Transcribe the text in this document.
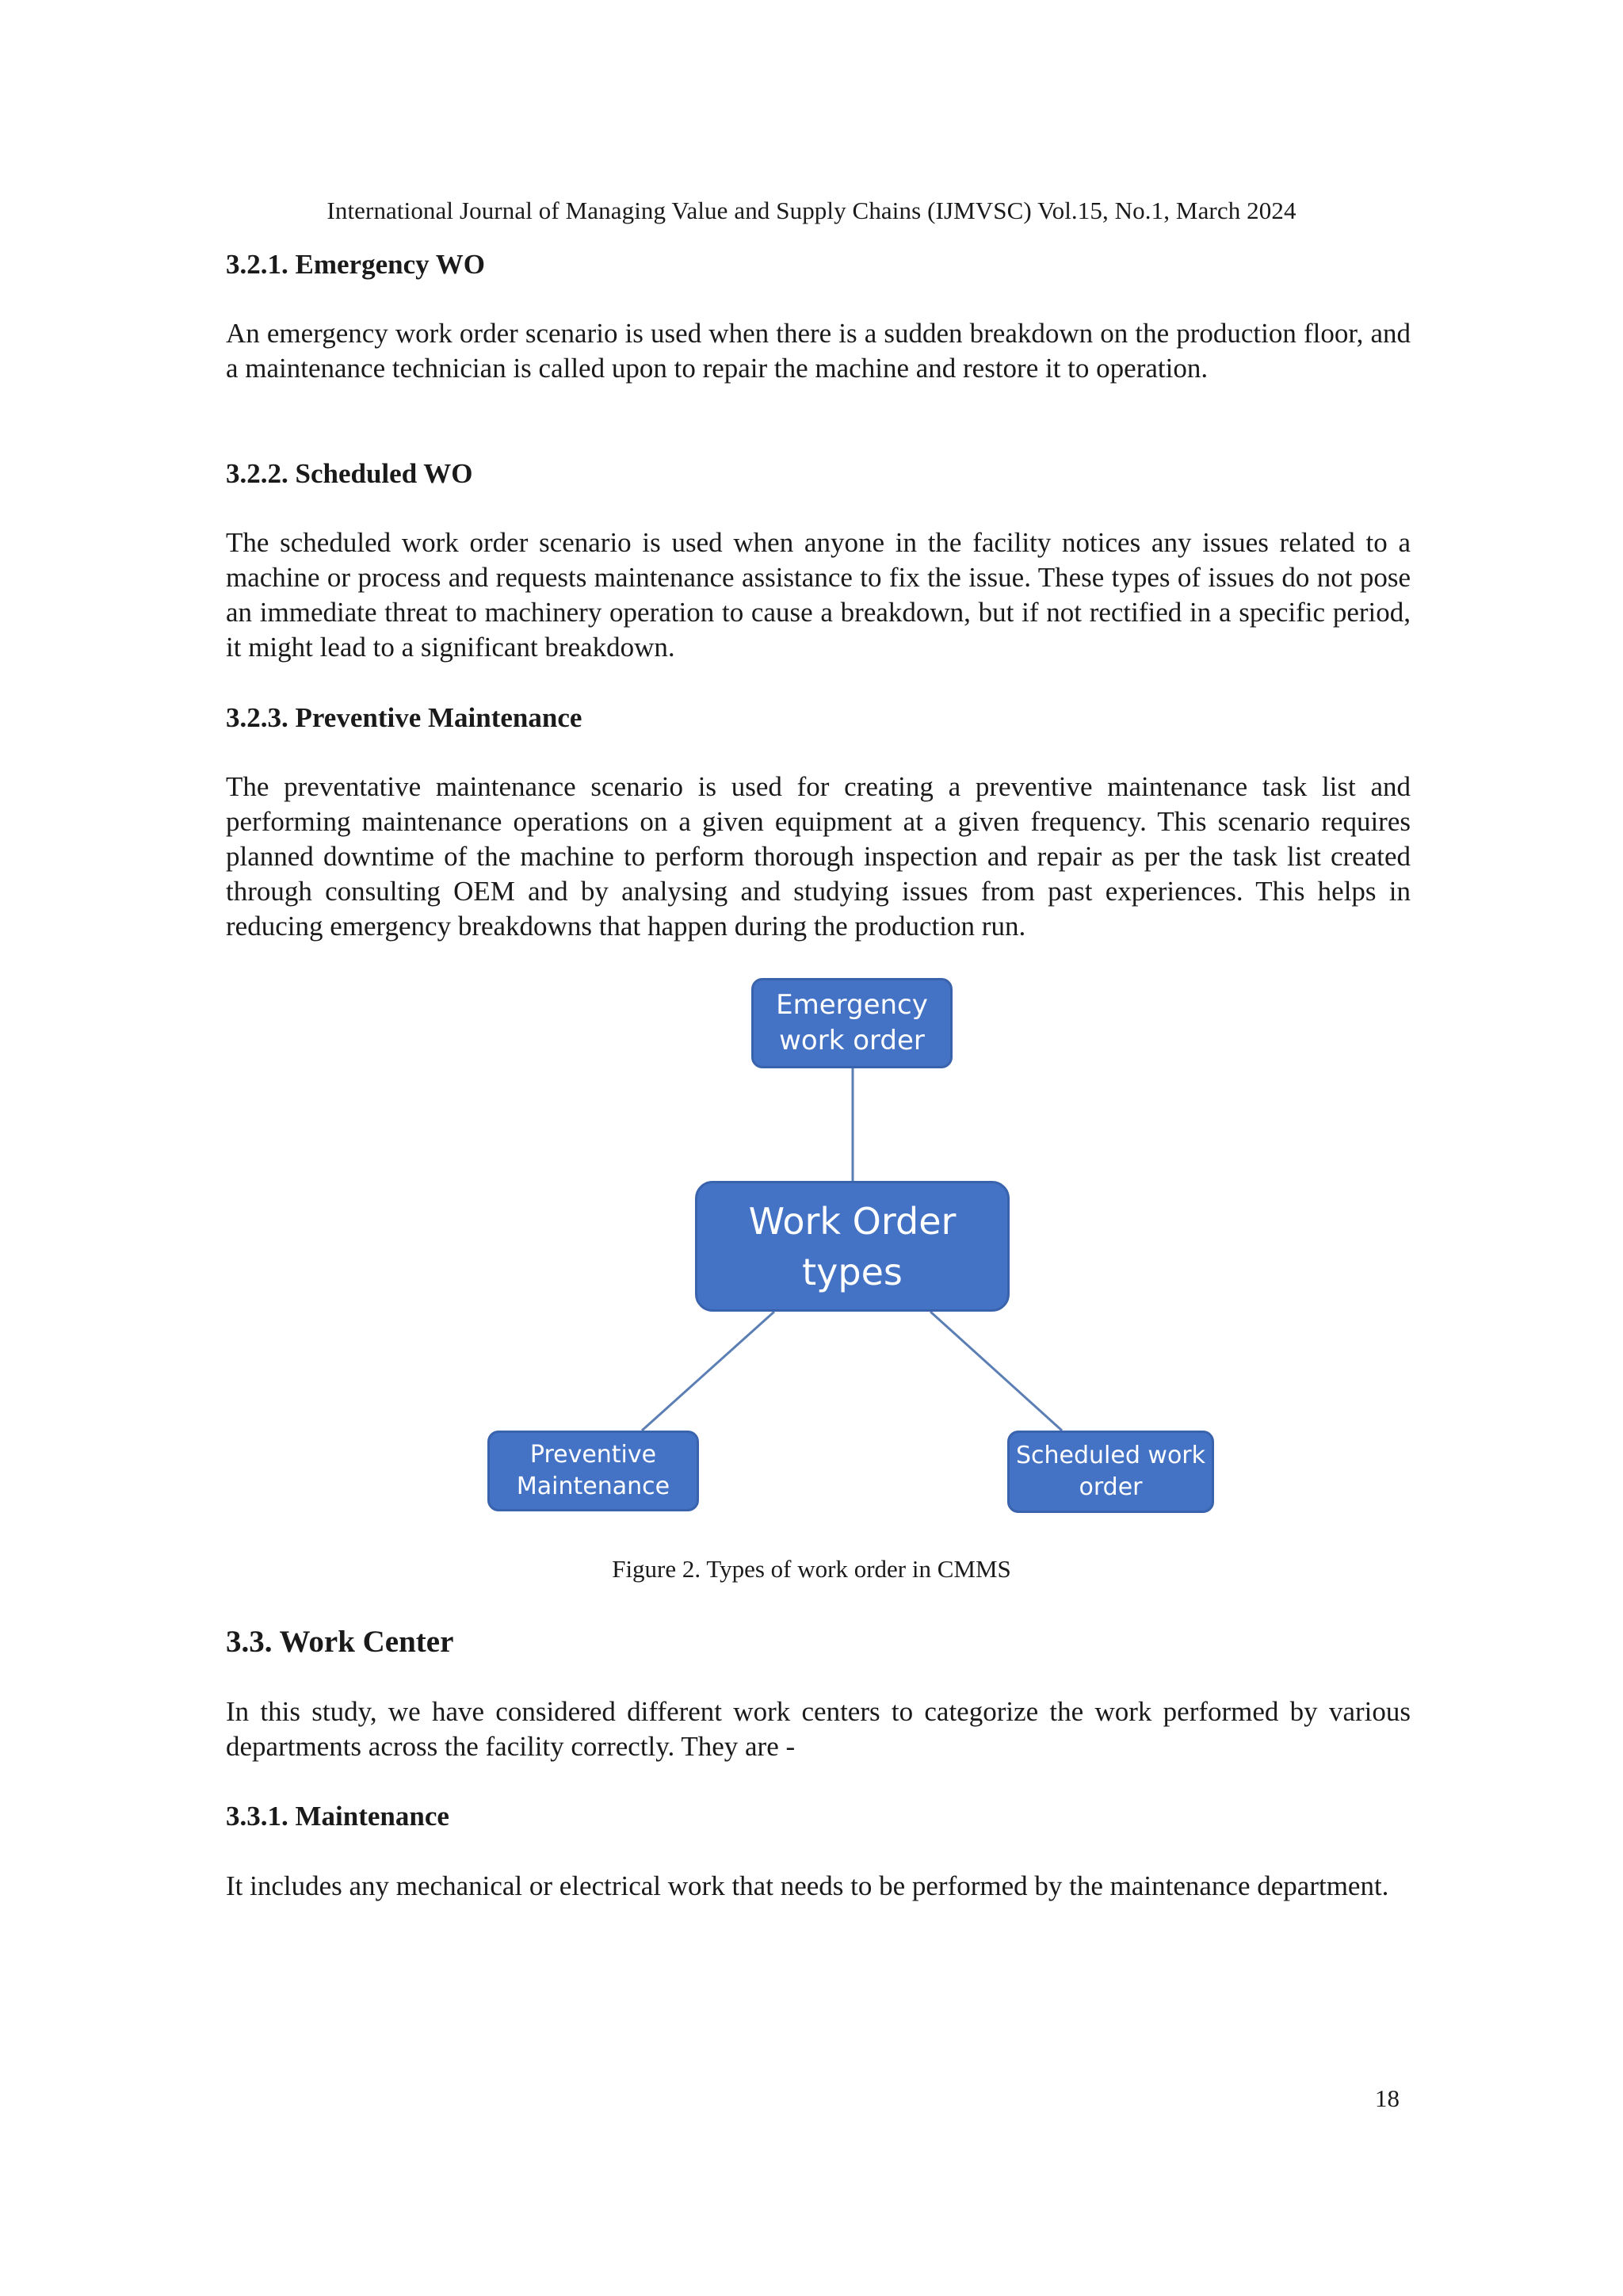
International Journal of Managing Value and Supply Chains (IJMVSC) Vol.15, No.1, March 2024

3.2.1. Emergency WO

An emergency work order scenario is used when there is a sudden breakdown on the production floor, and a maintenance technician is called upon to repair the machine and restore it to operation.

3.2.2. Scheduled WO

The scheduled work order scenario is used when anyone in the facility notices any issues related to a machine or process and requests maintenance assistance to fix the issue. These types of issues do not pose an immediate threat to machinery operation to cause a breakdown, but if not rectified in a specific period, it might lead to a significant breakdown.

3.2.3. Preventive Maintenance

The preventative maintenance scenario is used for creating a preventive maintenance task list and performing maintenance operations on a given equipment at a given frequency. This scenario requires planned downtime of the machine to perform thorough inspection and repair as per the task list created through consulting OEM and by analysing and studying issues from past experiences. This helps in reducing emergency breakdowns that happen during the production run.

Emergency
work order
Work Order
types
Preventive
Maintenance
Scheduled work
order
Figure 2. Types of work order in CMMS

3.3. Work Center

In this study, we have considered different work centers to categorize the work performed by various departments across the facility correctly. They are -

3.3.1. Maintenance

It includes any mechanical or electrical work that needs to be performed by the maintenance department.

18
